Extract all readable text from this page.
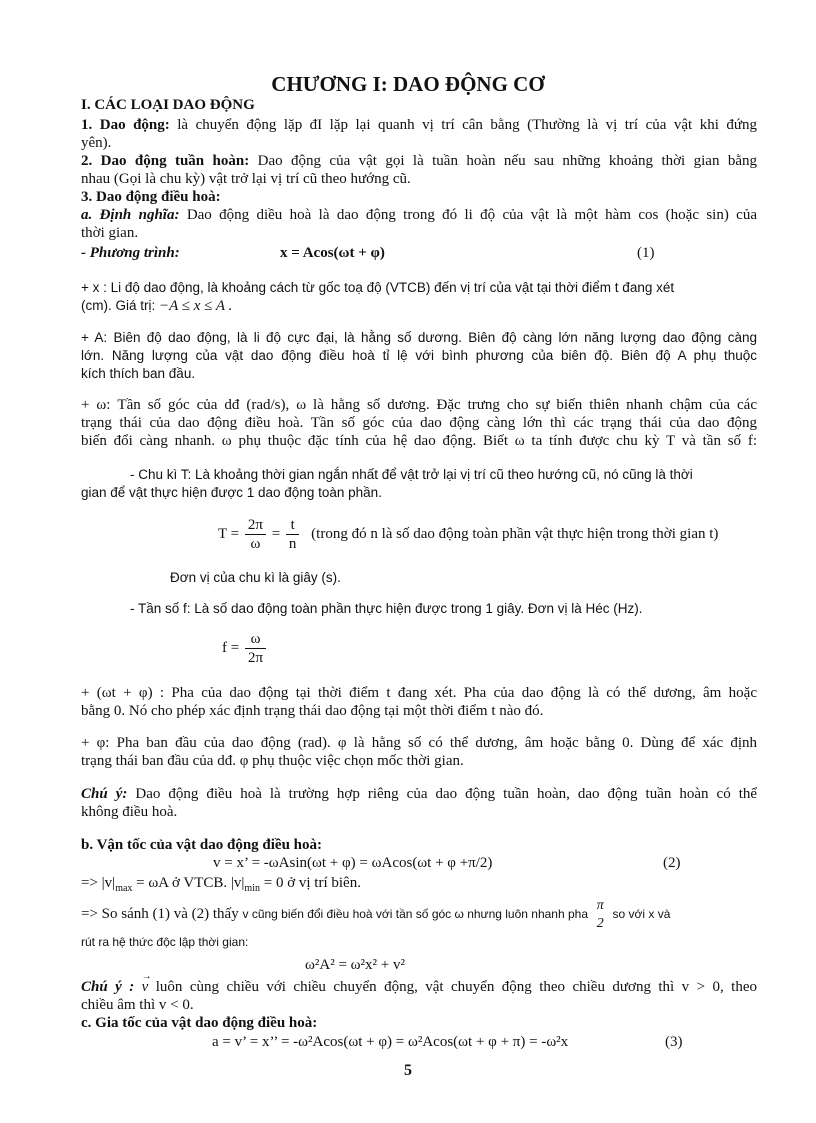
CHƯƠNG I: DAO ĐỘNG CƠ
I. CÁC LOẠI DAO ĐỘNG
1. Dao động: là chuyển động lặp đI lặp lại quanh vị trí cân bằng (Thường là vị trí của vật khi đứng
yên).
2. Dao động tuần hoàn: Dao động của vật gọi là tuần hoàn nếu sau những khoảng thời gian bằng
nhau (Gọi là chu kỳ) vật trở lại vị trí cũ theo hướng cũ.
3. Dao động điều hoà:
a. Định nghĩa: Dao động diều hoà là dao động trong đó li độ của vật là một hàm cos (hoặc sin) của
thời gian.
- Phương trình:	x = Acos(ωt + φ)	(1)
+ x : Li độ dao động, là khoảng cách từ gốc toạ độ (VTCB) đến vị trí của vật tại thời điểm t đang xét
(cm). Giá trị: −A ≤ x ≤ A .
+ A: Biên độ dao động, là li độ cực đại, là hằng số dương. Biên độ càng lớn năng lượng dao động càng
lớn. Năng lượng của vật dao động điều hoà tỉ lệ với bình phương của biên độ. Biên độ A phụ thuộc
kích thích ban đầu.
+ ω: Tần số góc của dđ (rad/s), ω là hằng số dương. Đặc trưng cho sự biến thiên nhanh chậm của các
trạng thái của dao động điều hoà. Tần số góc của dao động càng lớn thì các trạng thái của dao động
biến đổi càng nhanh. ω phụ thuộc đặc tính của hệ dao động. Biết ω ta tính được chu kỳ T và tần số f:
- Chu kì T: Là khoảng thời gian ngắn nhất để vật trở lại vị trí cũ theo hướng cũ, nó cũng là thời
gian để vật thực hiện được 1 dao động toàn phần.
$T = \frac{2\pi}{\omega} = \frac{t}{n}$ (trong đó n là số dao động toàn phần vật thực hiện trong thời gian t)
Đơn vị của chu kì là giây (s).
- Tần số f: Là số dao động toàn phần thực hiện được trong 1 giây. Đơn vị là Héc (Hz).
$f = \frac{\omega}{2\pi}$
+ (ωt + φ) : Pha của dao động tại thời điểm t đang xét. Pha của dao động là có thể dương, âm hoặc
bằng 0. Nó cho phép xác định trạng thái dao động tại một thời điểm t nào đó.
+ φ: Pha ban đầu của dao động (rad). φ là hằng số có thể dương, âm hoặc bằng 0. Dùng để xác định
trạng thái ban đầu của dđ. φ phụ thuộc việc chọn mốc thời gian.
Chú ý: Dao động điều hoà là trường hợp riêng của dao động tuần hoàn, dao động tuần hoàn có thể
không điều hoà.
b. Vận tốc của vật dao động điều hoà:
v = x’ = -ωAsin(ωt + φ) = ωAcos(ωt + φ +π/2)	(2)
=> $|v|_{max} = \omega A$ ở VTCB. $|v|_{min} = 0$ ở vị trí biên.
=> So sánh (1) và (2) thấy v cũng biến đổi điều hoà với tần số góc ω nhưng luôn nhanh pha
π
2
so với x và
rút ra hệ thức độc lập thời gian:
ω²A² = ω²x² + v²
Chú ý : → v luôn cùng chiều với chiều chuyển động, vật chuyển động theo chiều dương thì v > 0, theo
chiều âm thì v < 0.
c. Gia tốc của vật dao động điều hoà:
a = v’ = x’’ = -ω²Acos(ωt + φ) = ω²Acos(ωt + φ + π) = -ω²x	(3)
5
